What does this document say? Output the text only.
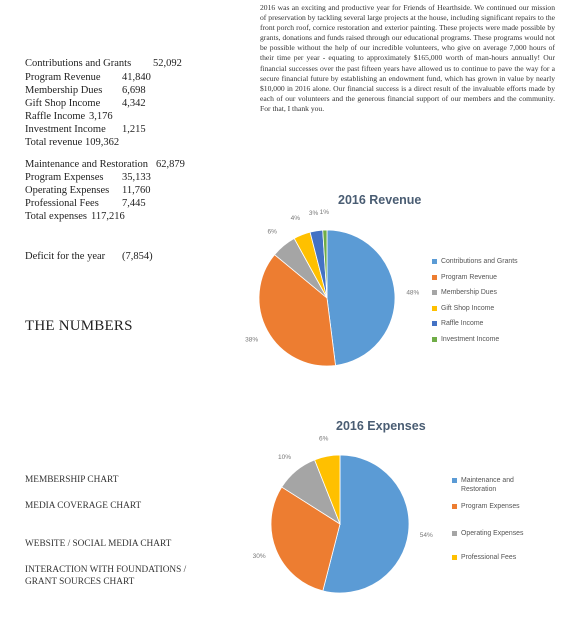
Contributions and Grants 52,092
Program Revenue 41,840
Membership Dues 6,698
Gift Shop Income 4,342
Raffle Income 3,176
Investment Income 1,215
Total revenue 109,362
Maintenance and Restoration 62,879
Program Expenses 35,133
Operating Expenses 11,760
Professional Fees 7,445
Total expenses 117,216
Deficit for the year (7,854)
THE NUMBERS
2016 was an exciting and productive year for Friends of Hearthside. We continued our mission of preservation by tackling several large projects at the house, including significant repairs to the front porch roof, cornice restoration and exterior painting. These projects were made possible by grants, donations and funds raised through our educational programs. These programs would not be possible without the help of our incredible volunteers, who give on average 7,000 hours of their time per year - equating to approximately $165,000 worth of man-hours annually! Our financial successes over the past fifteen years have allowed us to continue to pave the way for a secure financial future by establishing an endowment fund, which has grown in value by nearly $10,000 in 2016 alone. Our financial success is a direct result of the invaluable efforts made by each of our volunteers and the generous financial support of our members and the community. For that, I thank you.
MEMBERSHIP CHART
MEDIA COVERAGE CHART
WEBSITE / SOCIAL MEDIA CHART
INTERACTION WITH FOUNDATIONS /
GRANT SOURCES CHART
2016 Revenue
48%
38%
6%
4%
3% 1%
Contributions and Grants
Program Revenue
Membership Dues
Gift Shop Income
Raffle Income
Investment Income
2016 Expenses
54%
30%
10%
6%
Maintenance and Restoration
Program Expenses
Operating Expenses
Professional Fees
